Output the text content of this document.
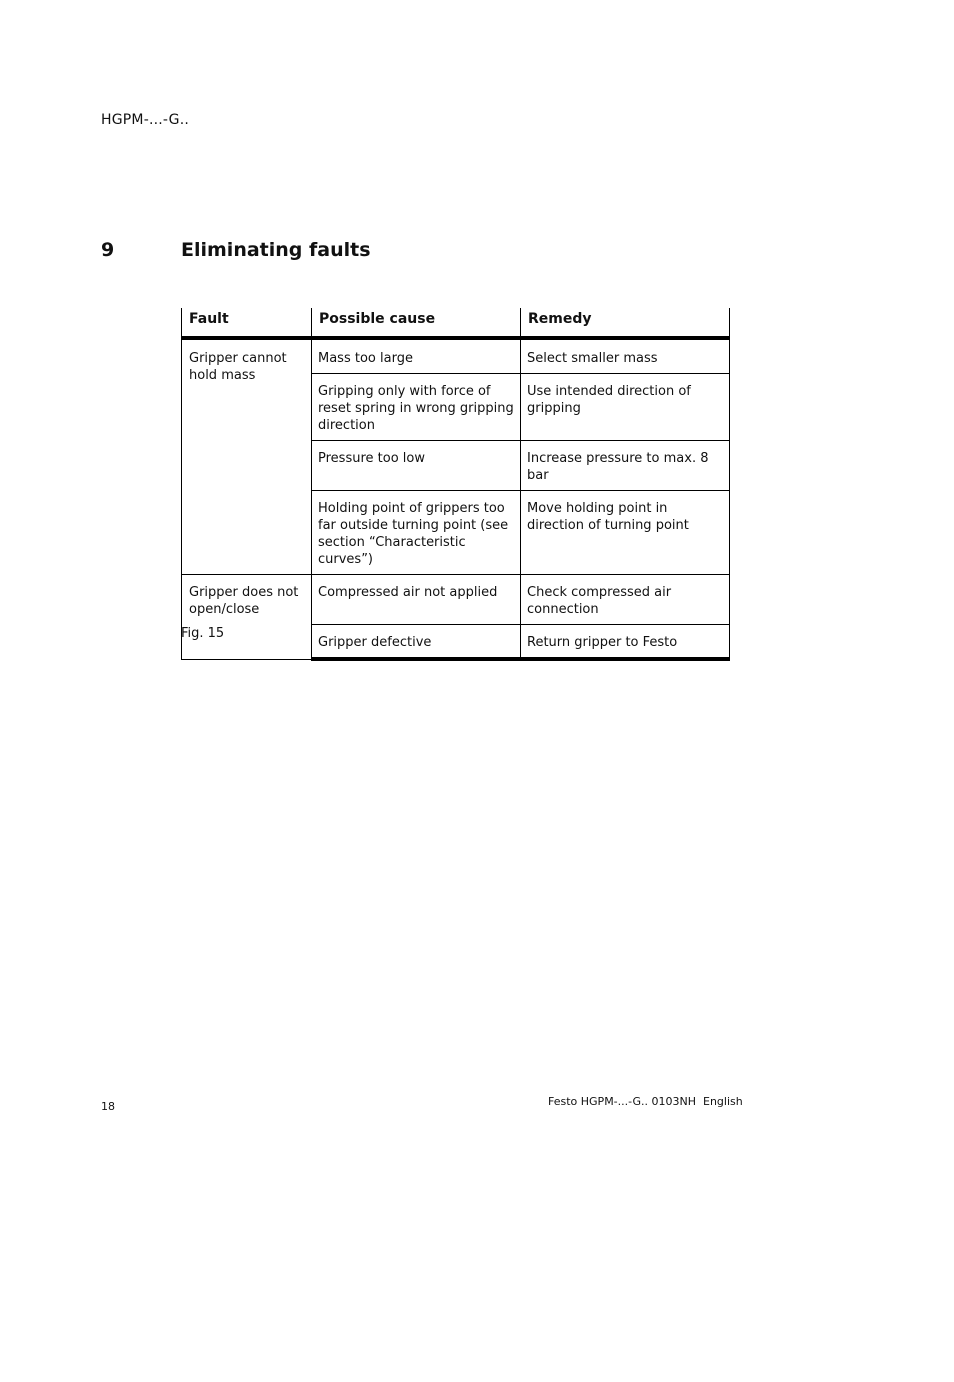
HGPM-...-G..
9	Eliminating faults
Fault	Possible cause	Remedy
Gripper cannot hold mass	Mass too large	Select smaller mass
	Gripping only with force of reset spring in wrong gripping direction	Use intended direction of gripping
	Pressure too low	Increase pressure to max. 8 bar
	Holding point of grippers too far outside turning point (see section “Characteristic curves”)	Move holding point in direction of turning point
Gripper does not open/close	Compressed air not applied	Check compressed air connection
	Gripper defective	Return gripper to Festo
Fig. 15
18	Festo HGPM-...-G.. 0103NH  English
